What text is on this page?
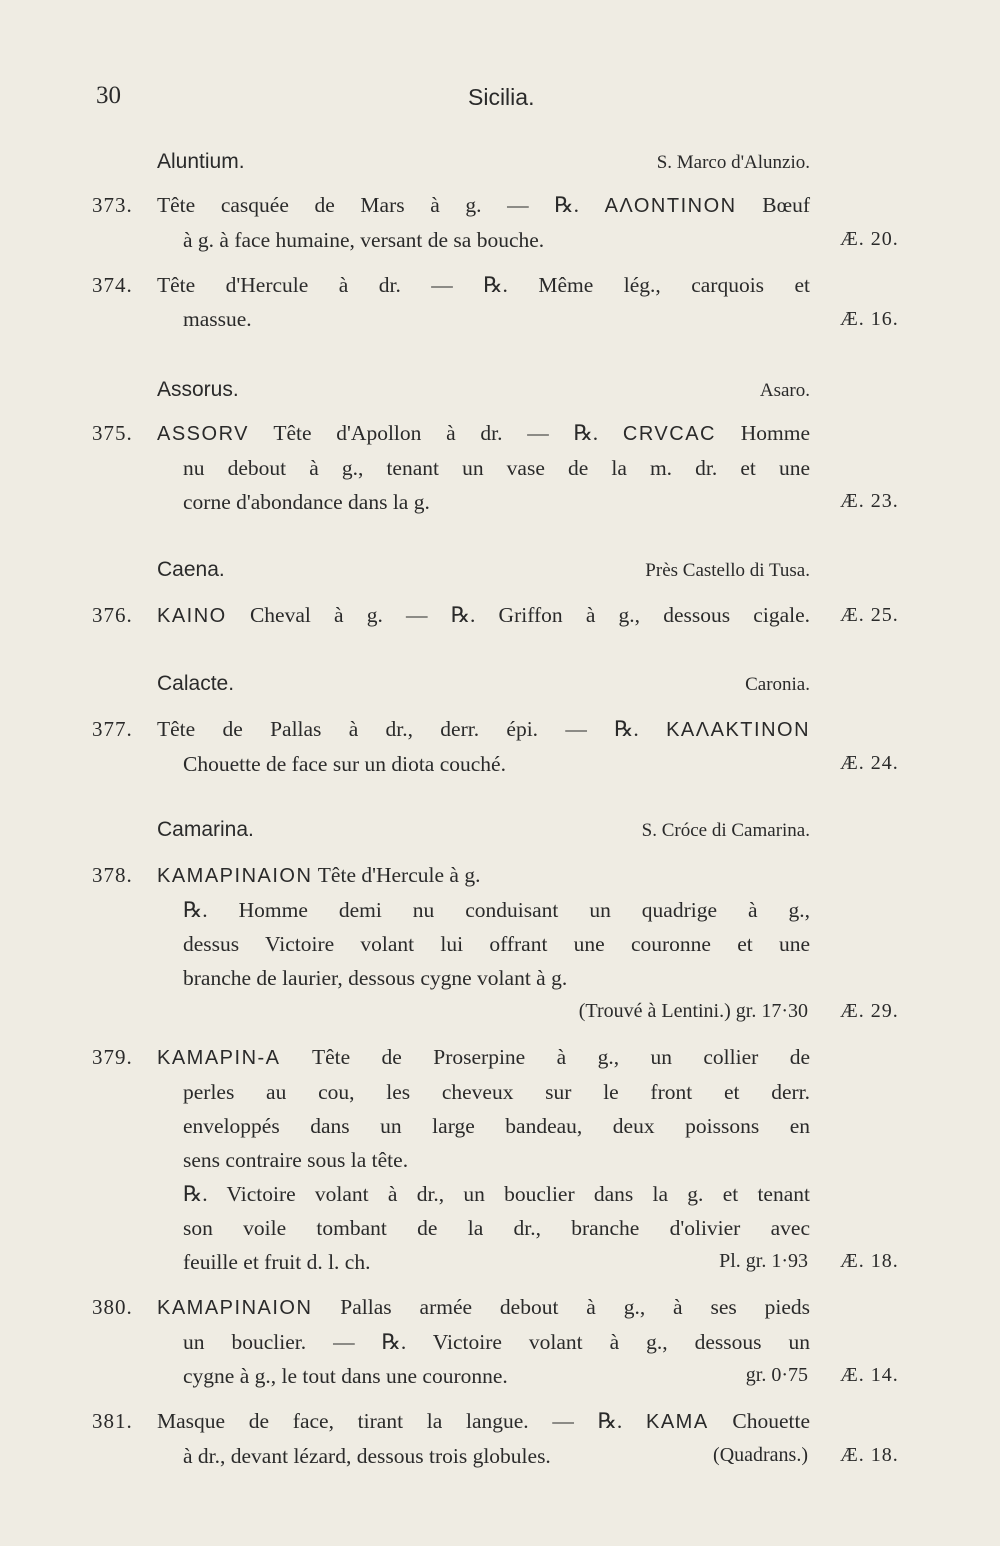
30	Sicilia.
Aluntium.	S. Marco d'Alunzio.
373. Tête casquée de Mars à g. — ℞. ΑΛΟΝΤΙΝΟΝ Bœuf
à g. à face humaine, versant de sa bouche.	Æ. 20.
374. Tête d'Hercule à dr. — ℞. Même lég., carquois et
massue.	Æ. 16.
Assorus.	Asaro.
375. ASSORV Tête d'Apollon à dr. — ℞. CRVCAC Homme
nu debout à g., tenant un vase de la m. dr. et une
corne d'abondance dans la g.	Æ. 23.
Caena.	Près Castello di Tusa.
376. KAINO Cheval à g. — ℞. Griffon à g., dessous cigale. Æ. 25.
Calacte.	Caronia.
377. Tête de Pallas à dr., derr. épi. — ℞. ΚΑΛΑΚΤΙΝΟΝ
Chouette de face sur un diota couché.	Æ. 24.
Camarina.	S. Cróce di Camarina.
378. ΚΑΜΑΡΙΝΑΙΟΝ Tête d'Hercule à g.
℞. Homme demi nu conduisant un quadrige à g.,
dessus Victoire volant lui offrant une couronne et une
branche de laurier, dessous cygne volant à g.
(Trouvé à Lentini.) gr. 17·30 Æ. 29.
379. ΚΑΜΑΡΙΝ-Α Tête de Proserpine à g., un collier de
perles au cou, les cheveux sur le front et derr.
enveloppés dans un large bandeau, deux poissons en
sens contraire sous la tête.
℞. Victoire volant à dr., un bouclier dans la g. et tenant
son voile tombant de la dr., branche d'olivier avec
feuille et fruit d. l. ch.	Pl. gr. 1·93 Æ. 18.
380. ΚΑΜΑΡΙΝΑΙΟΝ Pallas armée debout à g., à ses pieds
un bouclier. — ℞. Victoire volant à g., dessous un
cygne à g., le tout dans une couronne.	gr. 0·75 Æ. 14.
381. Masque de face, tirant la langue. — ℞. ΚΑΜΑ Chouette
à dr., devant lézard, dessous trois globules.	(Quadrans.) Æ. 18.
